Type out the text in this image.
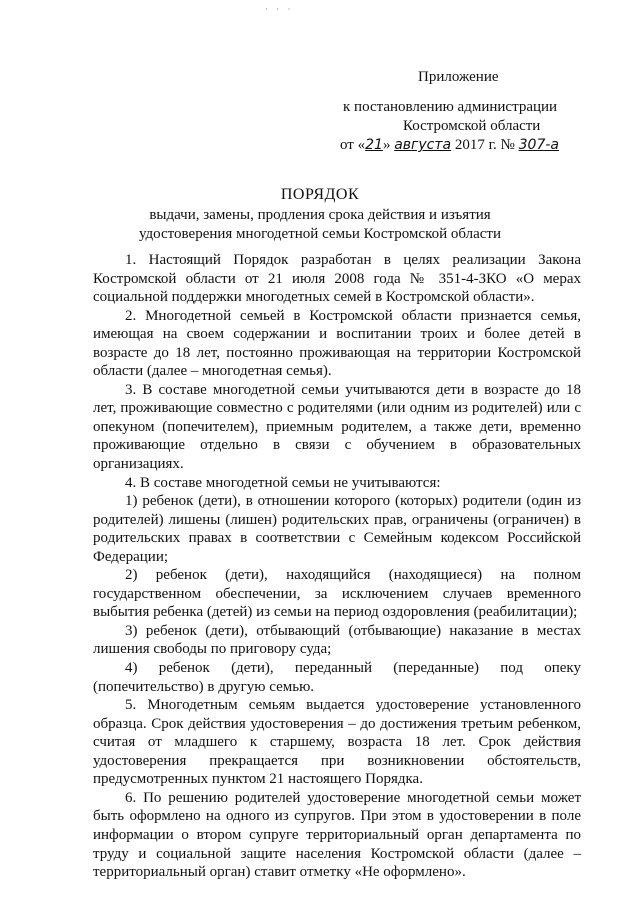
· · ·
Приложение
к постановлению администрации
Костромской области
от «21» августа 2017 г. № 307-а
ПОРЯДОК
выдачи, замены, продления срока действия и изъятия
удостоверения многодетной семьи Костромской области

1. Настоящий Порядок разработан в целях реализации Закона Костромской области от 21 июля 2008 года № 351-4-ЗКО «О мерах социальной поддержки многодетных семей в Костромской области».

2. Многодетной семьей в Костромской области признается семья, имеющая на своем содержании и воспитании троих и более детей в возрасте до 18 лет, постоянно проживающая на территории Костромской области (далее – многодетная семья).

3. В составе многодетной семьи учитываются дети в возрасте до 18 лет, проживающие совместно с родителями (или одним из родителей) или с опекуном (попечителем), приемным родителем, а также дети, временно проживающие отдельно в связи с обучением в образовательных организациях.

4. В составе многодетной семьи не учитываются:

1) ребенок (дети), в отношении которого (которых) родители (один из родителей) лишены (лишен) родительских прав, ограничены (ограничен) в родительских правах в соответствии с Семейным кодексом Российской Федерации;

2) ребенок (дети), находящийся (находящиеся) на полном государственном обеспечении, за исключением случаев временного выбытия ребенка (детей) из семьи на период оздоровления (реабилитации);

3) ребенок (дети), отбывающий (отбывающие) наказание в местах лишения свободы по приговору суда;

4) ребенок (дети), переданный (переданные) под опеку (попечительство) в другую семью.

5. Многодетным семьям выдается удостоверение установленного образца. Срок действия удостоверения – до достижения третьим ребенком, считая от младшего к старшему, возраста 18 лет. Срок действия удостоверения прекращается при возникновении обстоятельств, предусмотренных пунктом 21 настоящего Порядка.

6. По решению родителей удостоверение многодетной семьи может быть оформлено на одного из супругов. При этом в удостоверении в поле информации о втором супруге территориальный орган департамента по труду и социальной защите населения Костромской области (далее – территориальный орган) ставит отметку «Не оформлено».
